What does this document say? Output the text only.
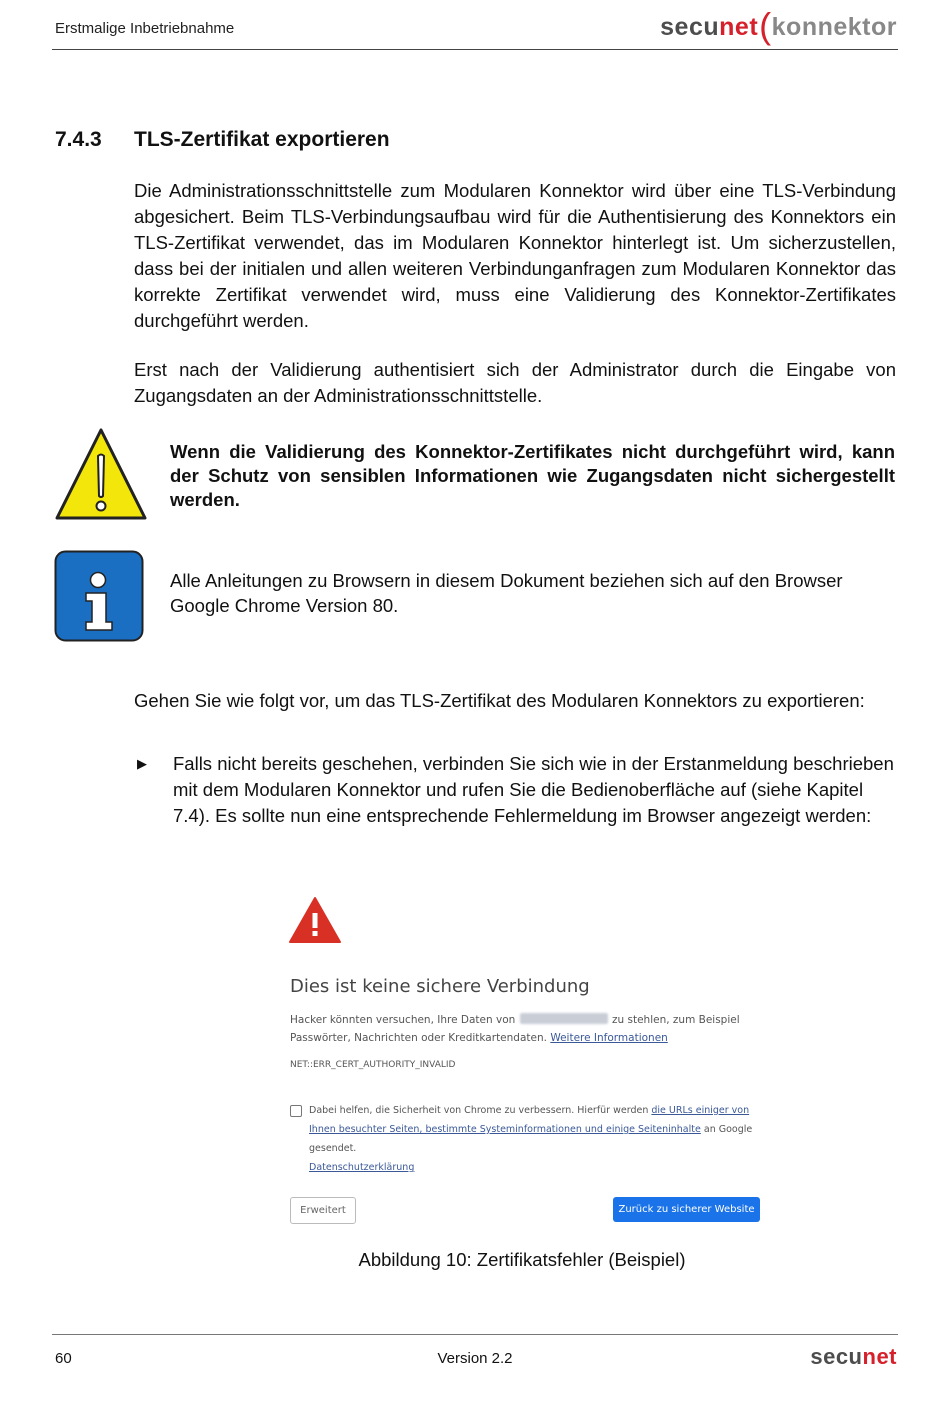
Erstmalige Inbetriebnahme	secunet(konnektor
7.4.3 TLS-Zertifikat exportieren
Die Administrationsschnittstelle zum Modularen Konnektor wird über eine TLS-Verbindung abgesichert. Beim TLS-Verbindungsaufbau wird für die Authentisierung des Konnektors ein TLS-Zertifikat verwendet, das im Modularen Konnektor hinterlegt ist. Um sicherzustellen, dass bei der initialen und allen weiteren Verbindunganfragen zum Modularen Konnektor das korrekte Zertifikat verwendet wird, muss eine Validierung des Konnektor-Zertifikates durchgeführt werden.
Erst nach der Validierung authentisiert sich der Administrator durch die Eingabe von Zugangsdaten an der Administrationsschnittstelle.
Wenn die Validierung des Konnektor-Zertifikates nicht durchgeführt wird, kann der Schutz von sensiblen Informationen wie Zugangsdaten nicht sichergestellt werden.
Alle Anleitungen zu Browsern in diesem Dokument beziehen sich auf den Browser Google Chrome Version 80.
Gehen Sie wie folgt vor, um das TLS-Zertifikat des Modularen Konnektors zu exportieren:
▶ Falls nicht bereits geschehen, verbinden Sie sich wie in der Erstanmeldung beschrieben mit dem Modularen Konnektor und rufen Sie die Bedienoberfläche auf (siehe Kapitel 7.4). Es sollte nun eine entsprechende Fehlermeldung im Browser angezeigt werden:
Dies ist keine sichere Verbindung
Hacker könnten versuchen, Ihre Daten von	zu stehlen, zum Beispiel Passwörter, Nachrichten oder Kreditkartendaten. Weitere Informationen
NET::ERR_CERT_AUTHORITY_INVALID
Dabei helfen, die Sicherheit von Chrome zu verbessern. Hierfür werden die URLs einiger von Ihnen besuchter Seiten, bestimmte Systeminformationen und einige Seiteninhalte an Google gesendet.
Datenschutzerklärung
Erweitert	Zurück zu sicherer Website
Abbildung 10: Zertifikatsfehler (Beispiel)
60	Version 2.2	secunet
